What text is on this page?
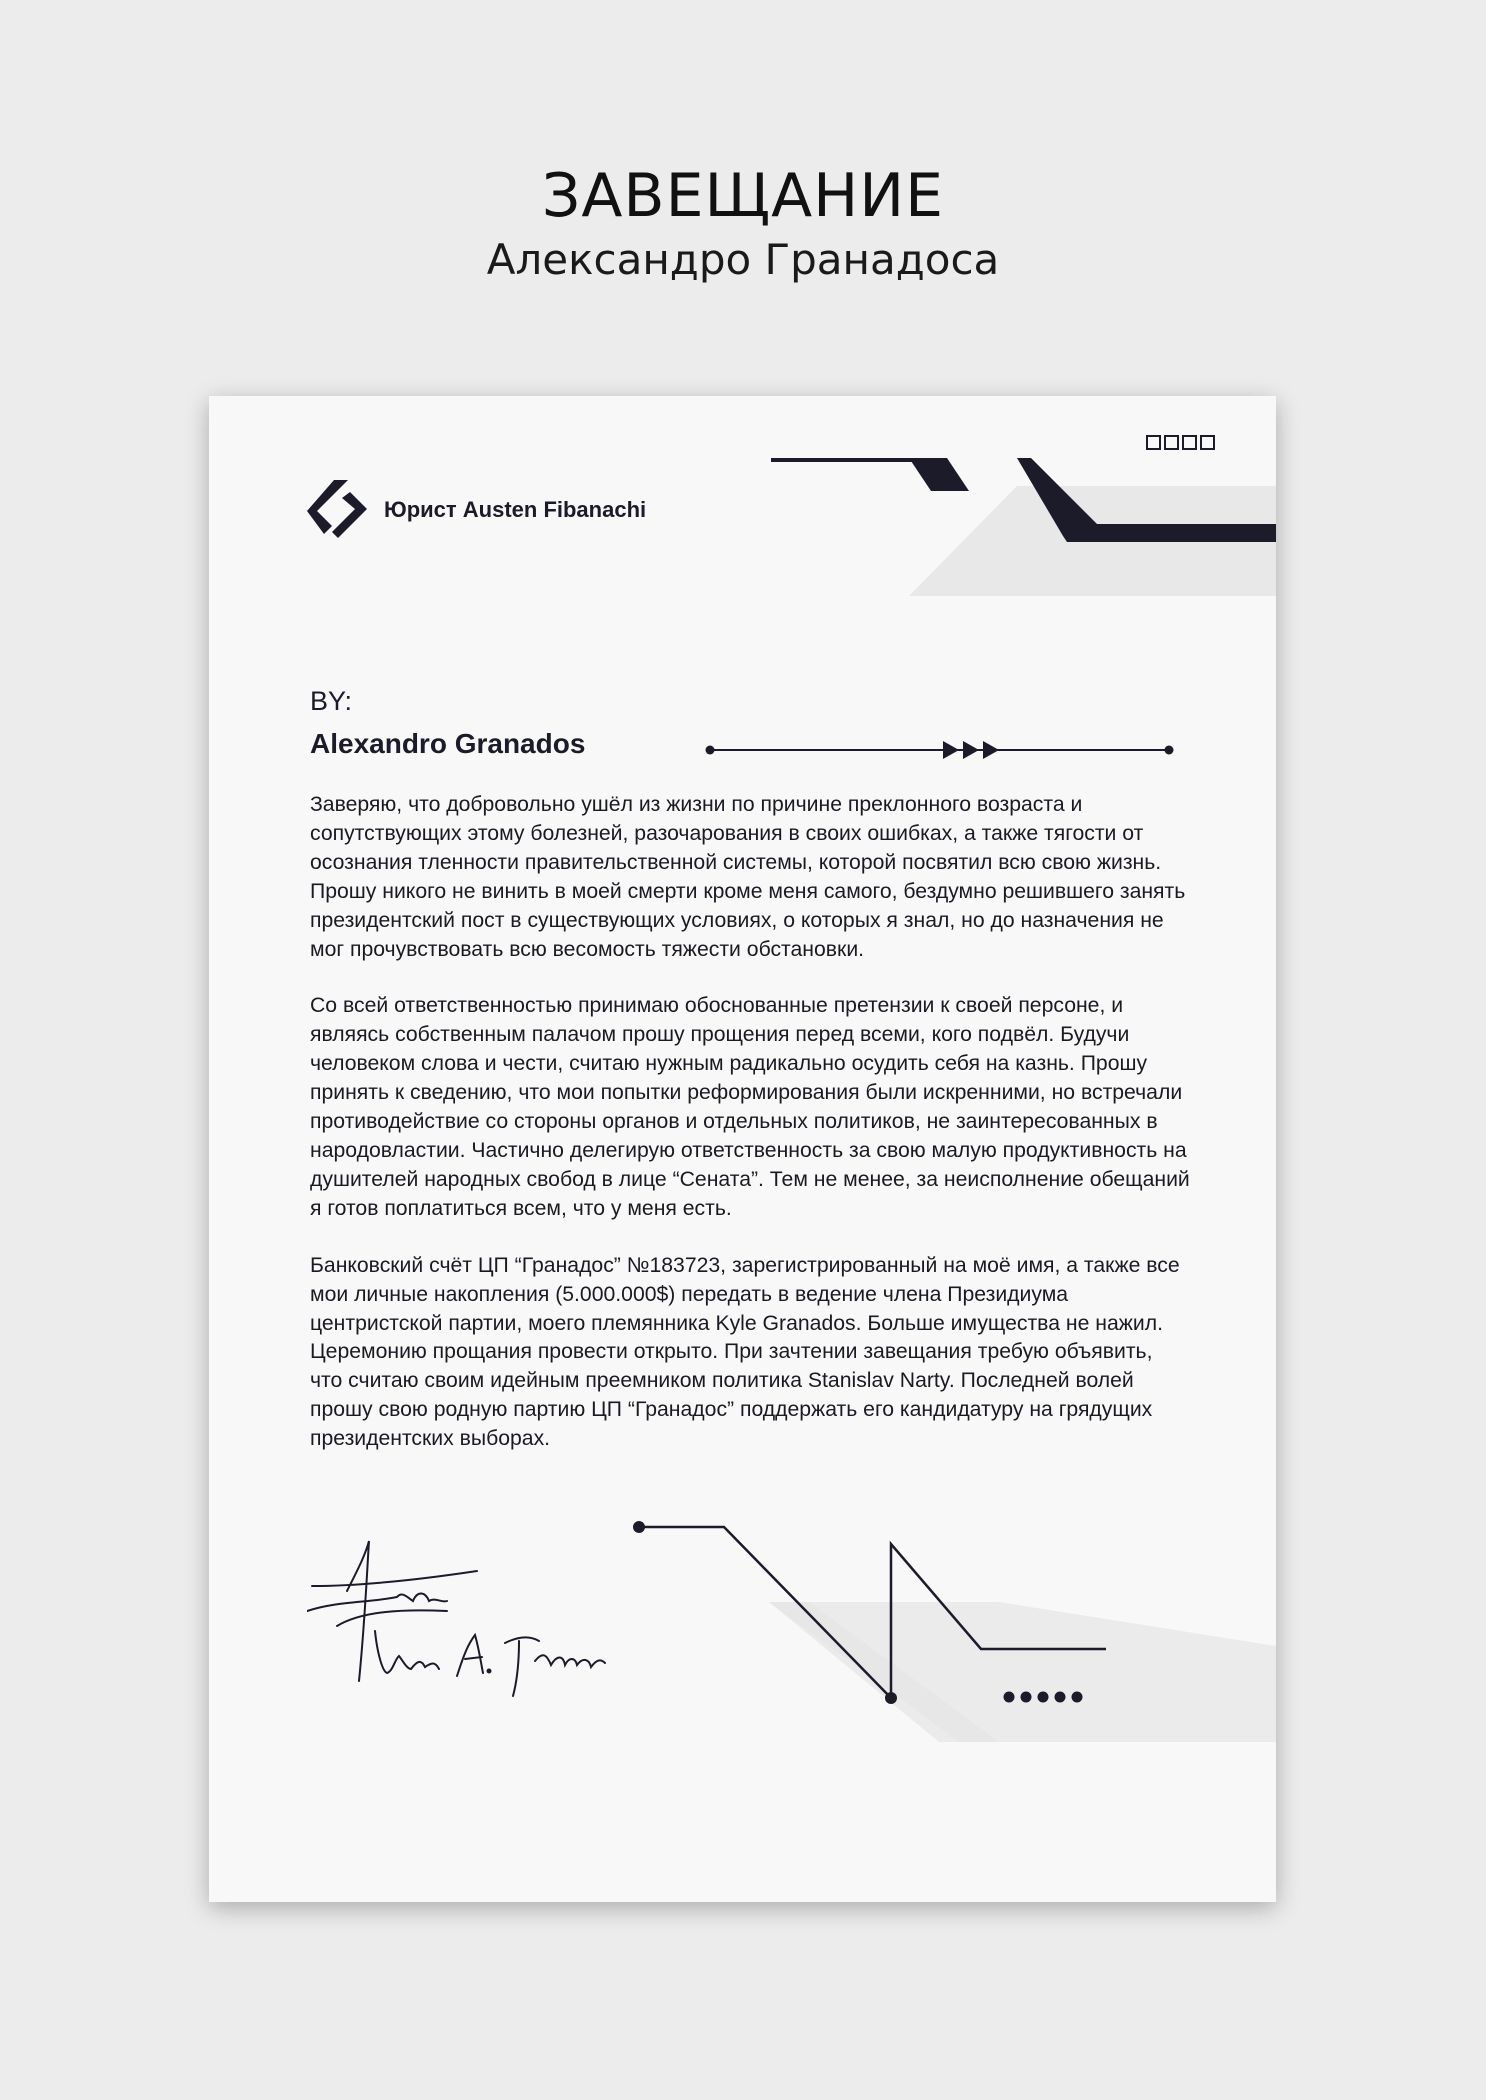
ЗАВЕЩАНИЕ
Александро Гранадоса
Юрист Austen Fibanachi
BY:
Alexandro Granados

Заверяю, что добровольно ушёл из жизни по причине преклонного возраста и сопутствующих этому болезней, разочарования в своих ошибках, а также тягости от осознания тленности правительственной системы, которой посвятил всю свою жизнь. Прошу никого не винить в моей смерти кроме меня самого, бездумно решившего занять президентский пост в существующих условиях, о которых я знал, но до назначения не мог прочувствовать всю весомость тяжести обстановки.

Со всей ответственностью принимаю обоснованные претензии к своей персоне, и являясь собственным палачом прошу прощения перед всеми, кого подвёл. Будучи человеком слова и чести, считаю нужным радикально осудить себя на казнь. Прошу принять к сведению, что мои попытки реформирования были искренними, но встречали противодействие со стороны органов и отдельных политиков, не заинтересованных в народовластии. Частично делегирую ответственность за свою малую продуктивность на душителей народных свобод в лице “Сената”. Тем не менее, за неисполнение обещаний я готов поплатиться всем, что у меня есть.

Банковский счёт ЦП “Гранадос” №183723, зарегистрированный на моё имя, а также все мои личные накопления (5.000.000$) передать в ведение члена Президиума центристской партии, моего племянника Kyle Granados. Больше имущества не нажил. Церемонию прощания провести открыто. При зачтении завещания требую объявить, что считаю своим идейным преемником политика Stanislav Narty. Последней волей прошу свою родную партию ЦП “Гранадос” поддержать его кандидатуру на грядущих президентских выборах.
